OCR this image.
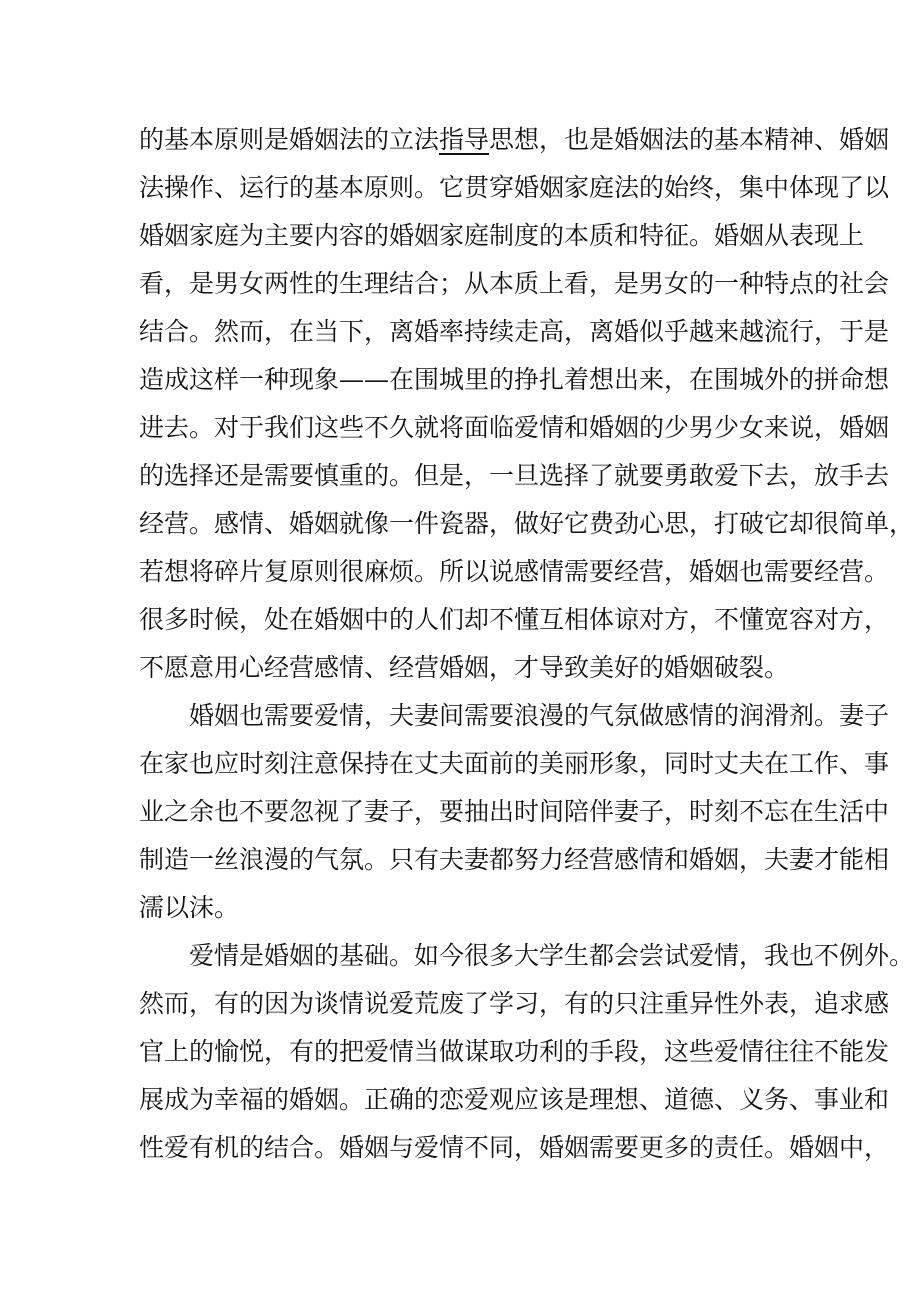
的基本原则是婚姻法的立法指导思想，也是婚姻法的基本精神、婚姻
法操作、运行的基本原则。它贯穿婚姻家庭法的始终，集中体现了以
婚姻家庭为主要内容的婚姻家庭制度的本质和特征。婚姻从表现上
看，是男女两性的生理结合；从本质上看，是男女的一种特点的社会
结合。然而，在当下，离婚率持续走高，离婚似乎越来越流行，于是
造成这样一种现象——在围城里的挣扎着想出来，在围城外的拼命想
进去。对于我们这些不久就将面临爱情和婚姻的少男少女来说，婚姻
的选择还是需要慎重的。但是，一旦选择了就要勇敢爱下去，放手去
经营。感情、婚姻就像一件瓷器，做好它费劲心思，打破它却很简单，
若想将碎片复原则很麻烦。所以说感情需要经营，婚姻也需要经营。
很多时候，处在婚姻中的人们却不懂互相体谅对方，不懂宽容对方，
不愿意用心经营感情、经营婚姻，才导致美好的婚姻破裂。
　　婚姻也需要爱情，夫妻间需要浪漫的气氛做感情的润滑剂。妻子
在家也应时刻注意保持在丈夫面前的美丽形象，同时丈夫在工作、事
业之余也不要忽视了妻子，要抽出时间陪伴妻子，时刻不忘在生活中
制造一丝浪漫的气氛。只有夫妻都努力经营感情和婚姻，夫妻才能相
濡以沫。
　　爱情是婚姻的基础。如今很多大学生都会尝试爱情，我也不例外。
然而，有的因为谈情说爱荒废了学习，有的只注重异性外表，追求感
官上的愉悦，有的把爱情当做谋取功利的手段，这些爱情往往不能发
展成为幸福的婚姻。正确的恋爱观应该是理想、道德、义务、事业和
性爱有机的结合。婚姻与爱情不同，婚姻需要更多的责任。婚姻中，
